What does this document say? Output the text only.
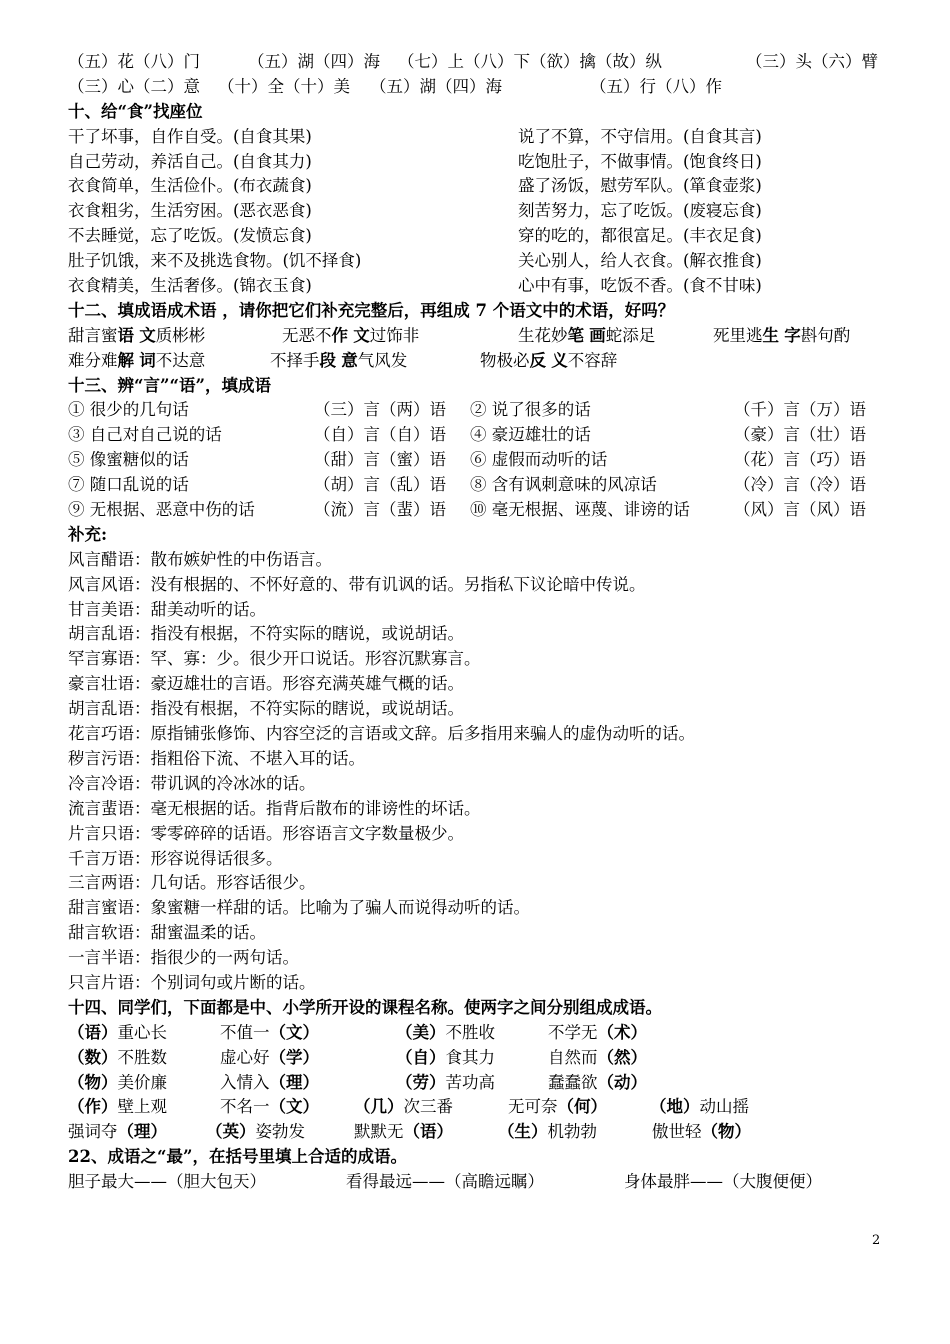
（五）花（八）门	（五）湖（四）海 （七）上（八）下（欲）擒（故）纵	（三）头（六）臂
（三）心（二）意 （十）全（十）美 （五）湖（四）海	（五）行（八）作
十、给“食”找座位
干了坏事，自作自受。(自食其果)	说了不算，不守信用。(自食其言)
自己劳动，养活自己。(自食其力)	吃饱肚子，不做事情。(饱食终日)
衣食简单，生活俭仆。(布衣蔬食)	盛了汤饭，慰劳军队。(箪食壶浆)
衣食粗劣，生活穷困。(恶衣恶食)	刻苦努力，忘了吃饭。(废寝忘食)
不去睡觉，忘了吃饭。(发愤忘食)	穿的吃的，都很富足。(丰衣足食)
肚子饥饿，来不及挑选食物。(饥不择食)	关心别人，给人衣食。(解衣推食)
衣食精美，生活奢侈。(锦衣玉食)	心中有事，吃饭不香。(食不甘味)
十二、填成语成术语 ，请你把它们补充完整后，再组成 7 个语文中的术语，好吗？
甜言蜜语 文质彬彬	无恶不作 文过饰非	生花妙笔 画蛇添足	死里逃生 字斟句酌
难分难解 词不达意	不择手段 意气风发	物极必反 义不容辞
十三、辨“言”“语”，填成语
① 很少的几句话	（三）言（两）语 ② 说了很多的话	（千）言（万）语
③ 自己对自己说的话	（自）言（自）语 ④ 豪迈雄壮的话	（豪）言（壮）语
⑤ 像蜜糖似的话	（甜）言（蜜）语 ⑥ 虚假而动听的话	（花）言（巧）语
⑦ 随口乱说的话	（胡）言（乱）语 ⑧ 含有讽刺意味的风凉话	（冷）言（冷）语
⑨ 无根据、恶意中伤的话	（流）言（蜚）语 ⑩ 毫无根据、诬蔑、诽谤的话	（风）言（风）语
补充:
风言醋语：散布嫉妒性的中伤语言。
风言风语：没有根据的、不怀好意的、带有讥讽的话。另指私下议论暗中传说。
甘言美语：甜美动听的话。
胡言乱语：指没有根据，不符实际的瞎说，或说胡话。
罕言寡语：罕、寡：少。很少开口说话。形容沉默寡言。
豪言壮语：豪迈雄壮的言语。形容充满英雄气概的话。
胡言乱语：指没有根据，不符实际的瞎说，或说胡话。
花言巧语：原指铺张修饰、内容空泛的言语或文辞。后多指用来骗人的虚伪动听的话。
秽言污语：指粗俗下流、不堪入耳的话。
冷言冷语：带讥讽的冷冰冰的话。
流言蜚语：毫无根据的话。指背后散布的诽谤性的坏话。
片言只语：零零碎碎的话语。形容语言文字数量极少。
千言万语：形容说得话很多。
三言两语：几句话。形容话很少。
甜言蜜语：象蜜糖一样甜的话。比喻为了骗人而说得动听的话。
甜言软语：甜蜜温柔的话。
一言半语：指很少的一两句话。
只言片语：个别词句或片断的话。
十四、同学们，下面都是中、小学所开设的课程名称。使两字之间分别组成成语。
（语）重心长	不值一（文）	（美）不胜收	不学无（术）
（数）不胜数	虚心好（学）	（自）食其力	自然而（然）
（物）美价廉	入情入（理）	（劳）苦功高	蠢蠢欲（动）
（作）壁上观	不名一（文） （几）次三番	无可奈（何）	（地）动山摇
强词夺（理） （英）姿勃发	默默无（语）	（生）机勃勃	傲世轻（物）
22、成语之“最”，在括号里填上合适的成语。
胆子最大——（胆大包天）	看得最远——（高瞻远瞩）	身体最胖——（大腹便便）
2
